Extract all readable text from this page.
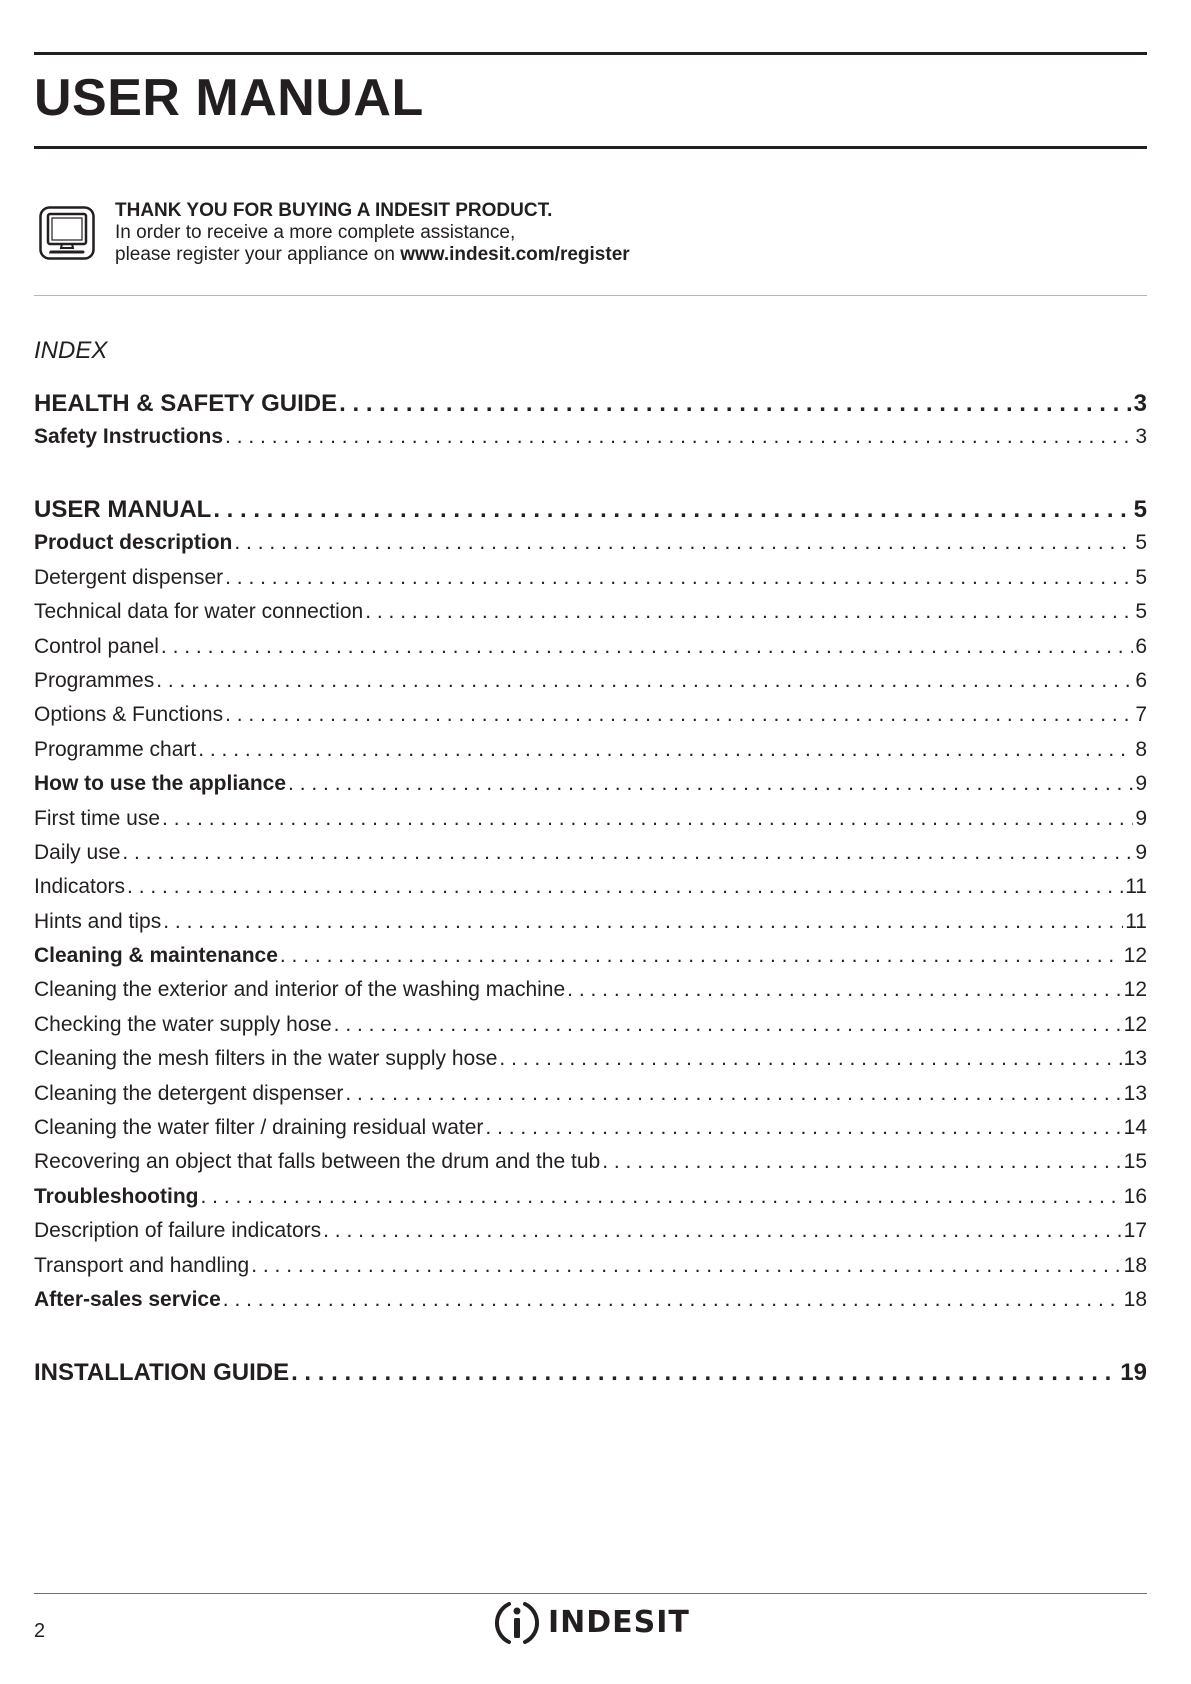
USER MANUAL
THANK YOU FOR BUYING A INDESIT PRODUCT.
In order to receive a more complete assistance,
please register your appliance on www.indesit.com/register
INDEX
HEALTH & SAFETY GUIDE . . .	3
Safety Instructions . . .	3
USER MANUAL . . .	5
Product description . . .	5
Detergent dispenser . . .	5
Technical data for water connection . . .	5
Control panel . . .	6
Programmes . . .	6
Options & Functions . . .	7
Programme chart . . .	8
How to use the appliance . . .	9
First time use . . .	9
Daily use . . .	9
Indicators . . .	11
Hints and tips . . .	11
Cleaning & maintenance . . .	12
Cleaning the exterior and interior of the washing machine . . .	12
Checking the water supply hose . . .	12
Cleaning the mesh filters in the water supply hose . . .	13
Cleaning the detergent dispenser . . .	13
Cleaning the water filter / draining residual water . . .	14
Recovering an object that falls between the drum and the tub . . .	15
Troubleshooting . . .	16
Description of failure indicators . . .	17
Transport and handling . . .	18
After-sales service . . .	18
INSTALLATION GUIDE . . .	19
2	INDESIT
